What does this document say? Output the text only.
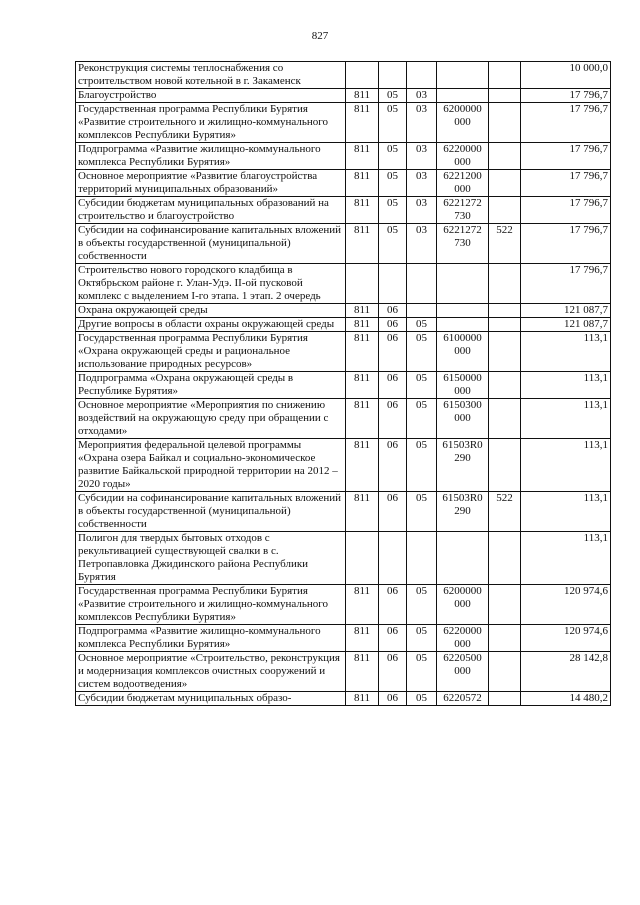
827
Реконструкция системы теплоснабжения со строительством новой котельной в г. Закаменск						10 000,0
Благоустройство	811	05	03			17 796,7
Государственная программа Республики Бурятия «Развитие строительного и жилищно-коммунального комплексов Республики Бурятия»	811	05	03	6200000 000		17 796,7
Подпрограмма «Развитие жилищно-коммунального комплекса Республики Бурятия»	811	05	03	6220000 000		17 796,7
Основное мероприятие «Развитие благоустройства территорий муниципальных образований»	811	05	03	6221200 000		17 796,7
Субсидии бюджетам муниципальных образований на строительство и благоустройство	811	05	03	6221272 730		17 796,7
Субсидии на софинансирование капитальных вложений в объекты государственной (муниципальной) собственности	811	05	03	6221272 730	522	17 796,7
Строительство нового городского кладбища в Октябрьском районе г. Улан-Удэ. II-ой пусковой комплекс с выделением I-го этапа. 1 этап. 2 очередь						17 796,7
Охрана окружающей среды	811	06				121 087,7
Другие вопросы в области охраны окружающей среды	811	06	05			121 087,7
Государственная программа Республики Бурятия «Охрана окружающей среды и рациональное использование природных ресурсов»	811	06	05	6100000 000		113,1
Подпрограмма «Охрана окружающей среды в Республике Бурятия»	811	06	05	6150000 000		113,1
Основное мероприятие «Мероприятия по снижению воздействий на окружающую среду при обращении с отходами»	811	06	05	6150300 000		113,1
Мероприятия федеральной целевой программы «Охрана озера Байкал и социально-экономическое развитие Байкальской природной территории на 2012 – 2020 годы»	811	06	05	61503R0 290		113,1
Субсидии на софинансирование капитальных вложений в объекты государственной (муниципальной) собственности	811	06	05	61503R0 290	522	113,1
Полигон для твердых бытовых отходов с рекультивацией существующей свалки в с. Петропавловка Джидинского района Республики Бурятия						113,1
Государственная программа Республики Бурятия «Развитие строительного и жилищно-коммунального комплексов Республики Бурятия»	811	06	05	6200000 000		120 974,6
Подпрограмма «Развитие жилищно-коммунального комплекса Республики Бурятия»	811	06	05	6220000 000		120 974,6
Основное мероприятие «Строительство, реконструкция и модернизация комплексов очистных сооружений и систем водоотведения»	811	06	05	6220500 000		28 142,8
Субсидии бюджетам муниципальных образо-	811	06	05	6220572		14 480,2
